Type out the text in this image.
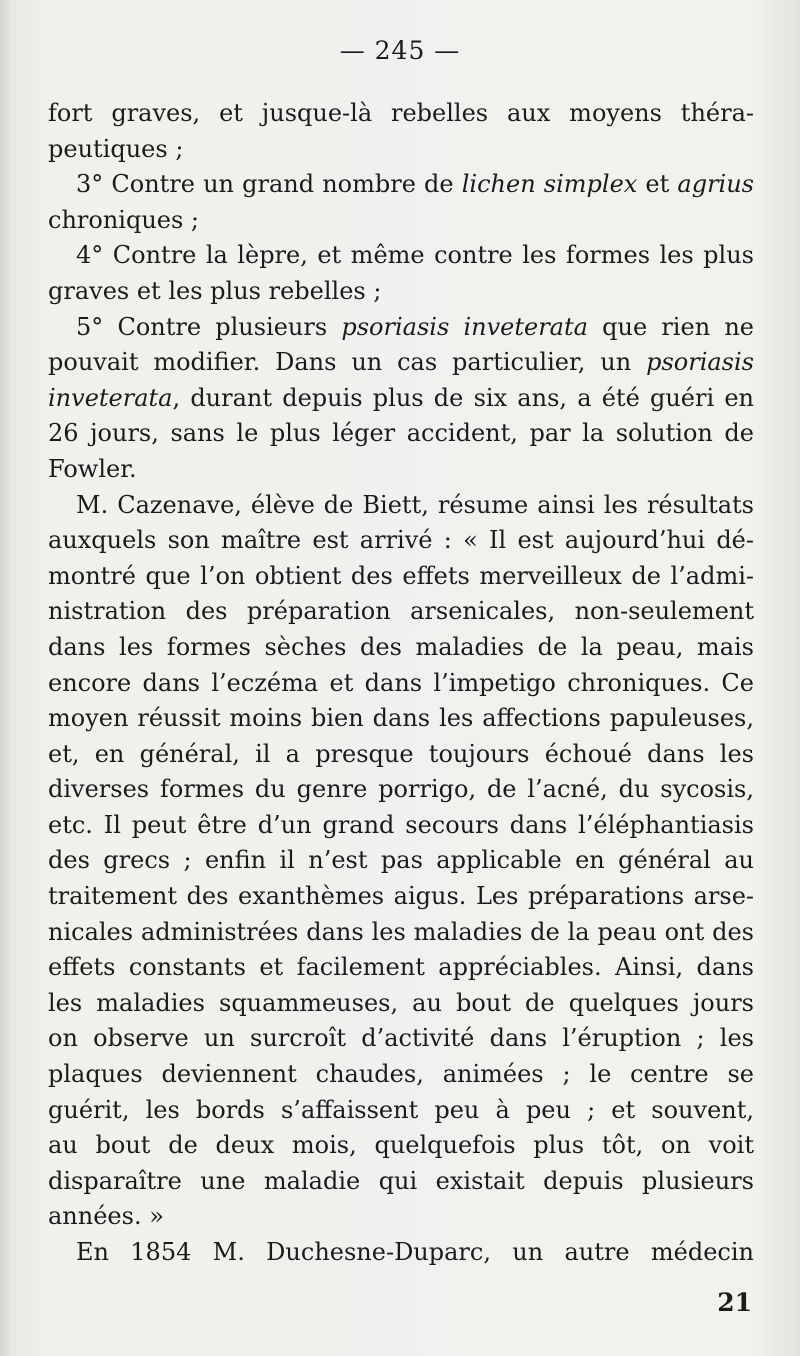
— 245 —
fort graves, et jusque-là rebelles aux moyens théra-
peutiques ;
3° Contre un grand nombre de lichen simplex et agrius
chroniques ;
4° Contre la lèpre, et même contre les formes les plus
graves et les plus rebelles ;
5° Contre plusieurs psoriasis inveterata que rien ne
pouvait modifier. Dans un cas particulier, un psoriasis
inveterata, durant depuis plus de six ans, a été guéri en
26 jours, sans le plus léger accident, par la solution de
Fowler.
M. Cazenave, élève de Biett, résume ainsi les résultats
auxquels son maître est arrivé : « Il est aujourd’hui dé-
montré que l’on obtient des effets merveilleux de l’admi-
nistration des préparation arsenicales, non-seulement
dans les formes sèches des maladies de la peau, mais
encore dans l’eczéma et dans l’impetigo chroniques. Ce
moyen réussit moins bien dans les affections papuleuses,
et, en général, il a presque toujours échoué dans les
diverses formes du genre porrigo, de l’acné, du sycosis,
etc. Il peut être d’un grand secours dans l’éléphantiasis
des grecs ; enfin il n’est pas applicable en général au
traitement des exanthèmes aigus. Les préparations arse-
nicales administrées dans les maladies de la peau ont des
effets constants et facilement appréciables. Ainsi, dans
les maladies squammeuses, au bout de quelques jours
on observe un surcroît d’activité dans l’éruption ; les
plaques deviennent chaudes, animées ; le centre se
guérit, les bords s’affaissent peu à peu ; et souvent,
au bout de deux mois, quelquefois plus tôt, on voit
disparaître une maladie qui existait depuis plusieurs
années. »
En 1854 M. Duchesne-Duparc, un autre médecin
21
